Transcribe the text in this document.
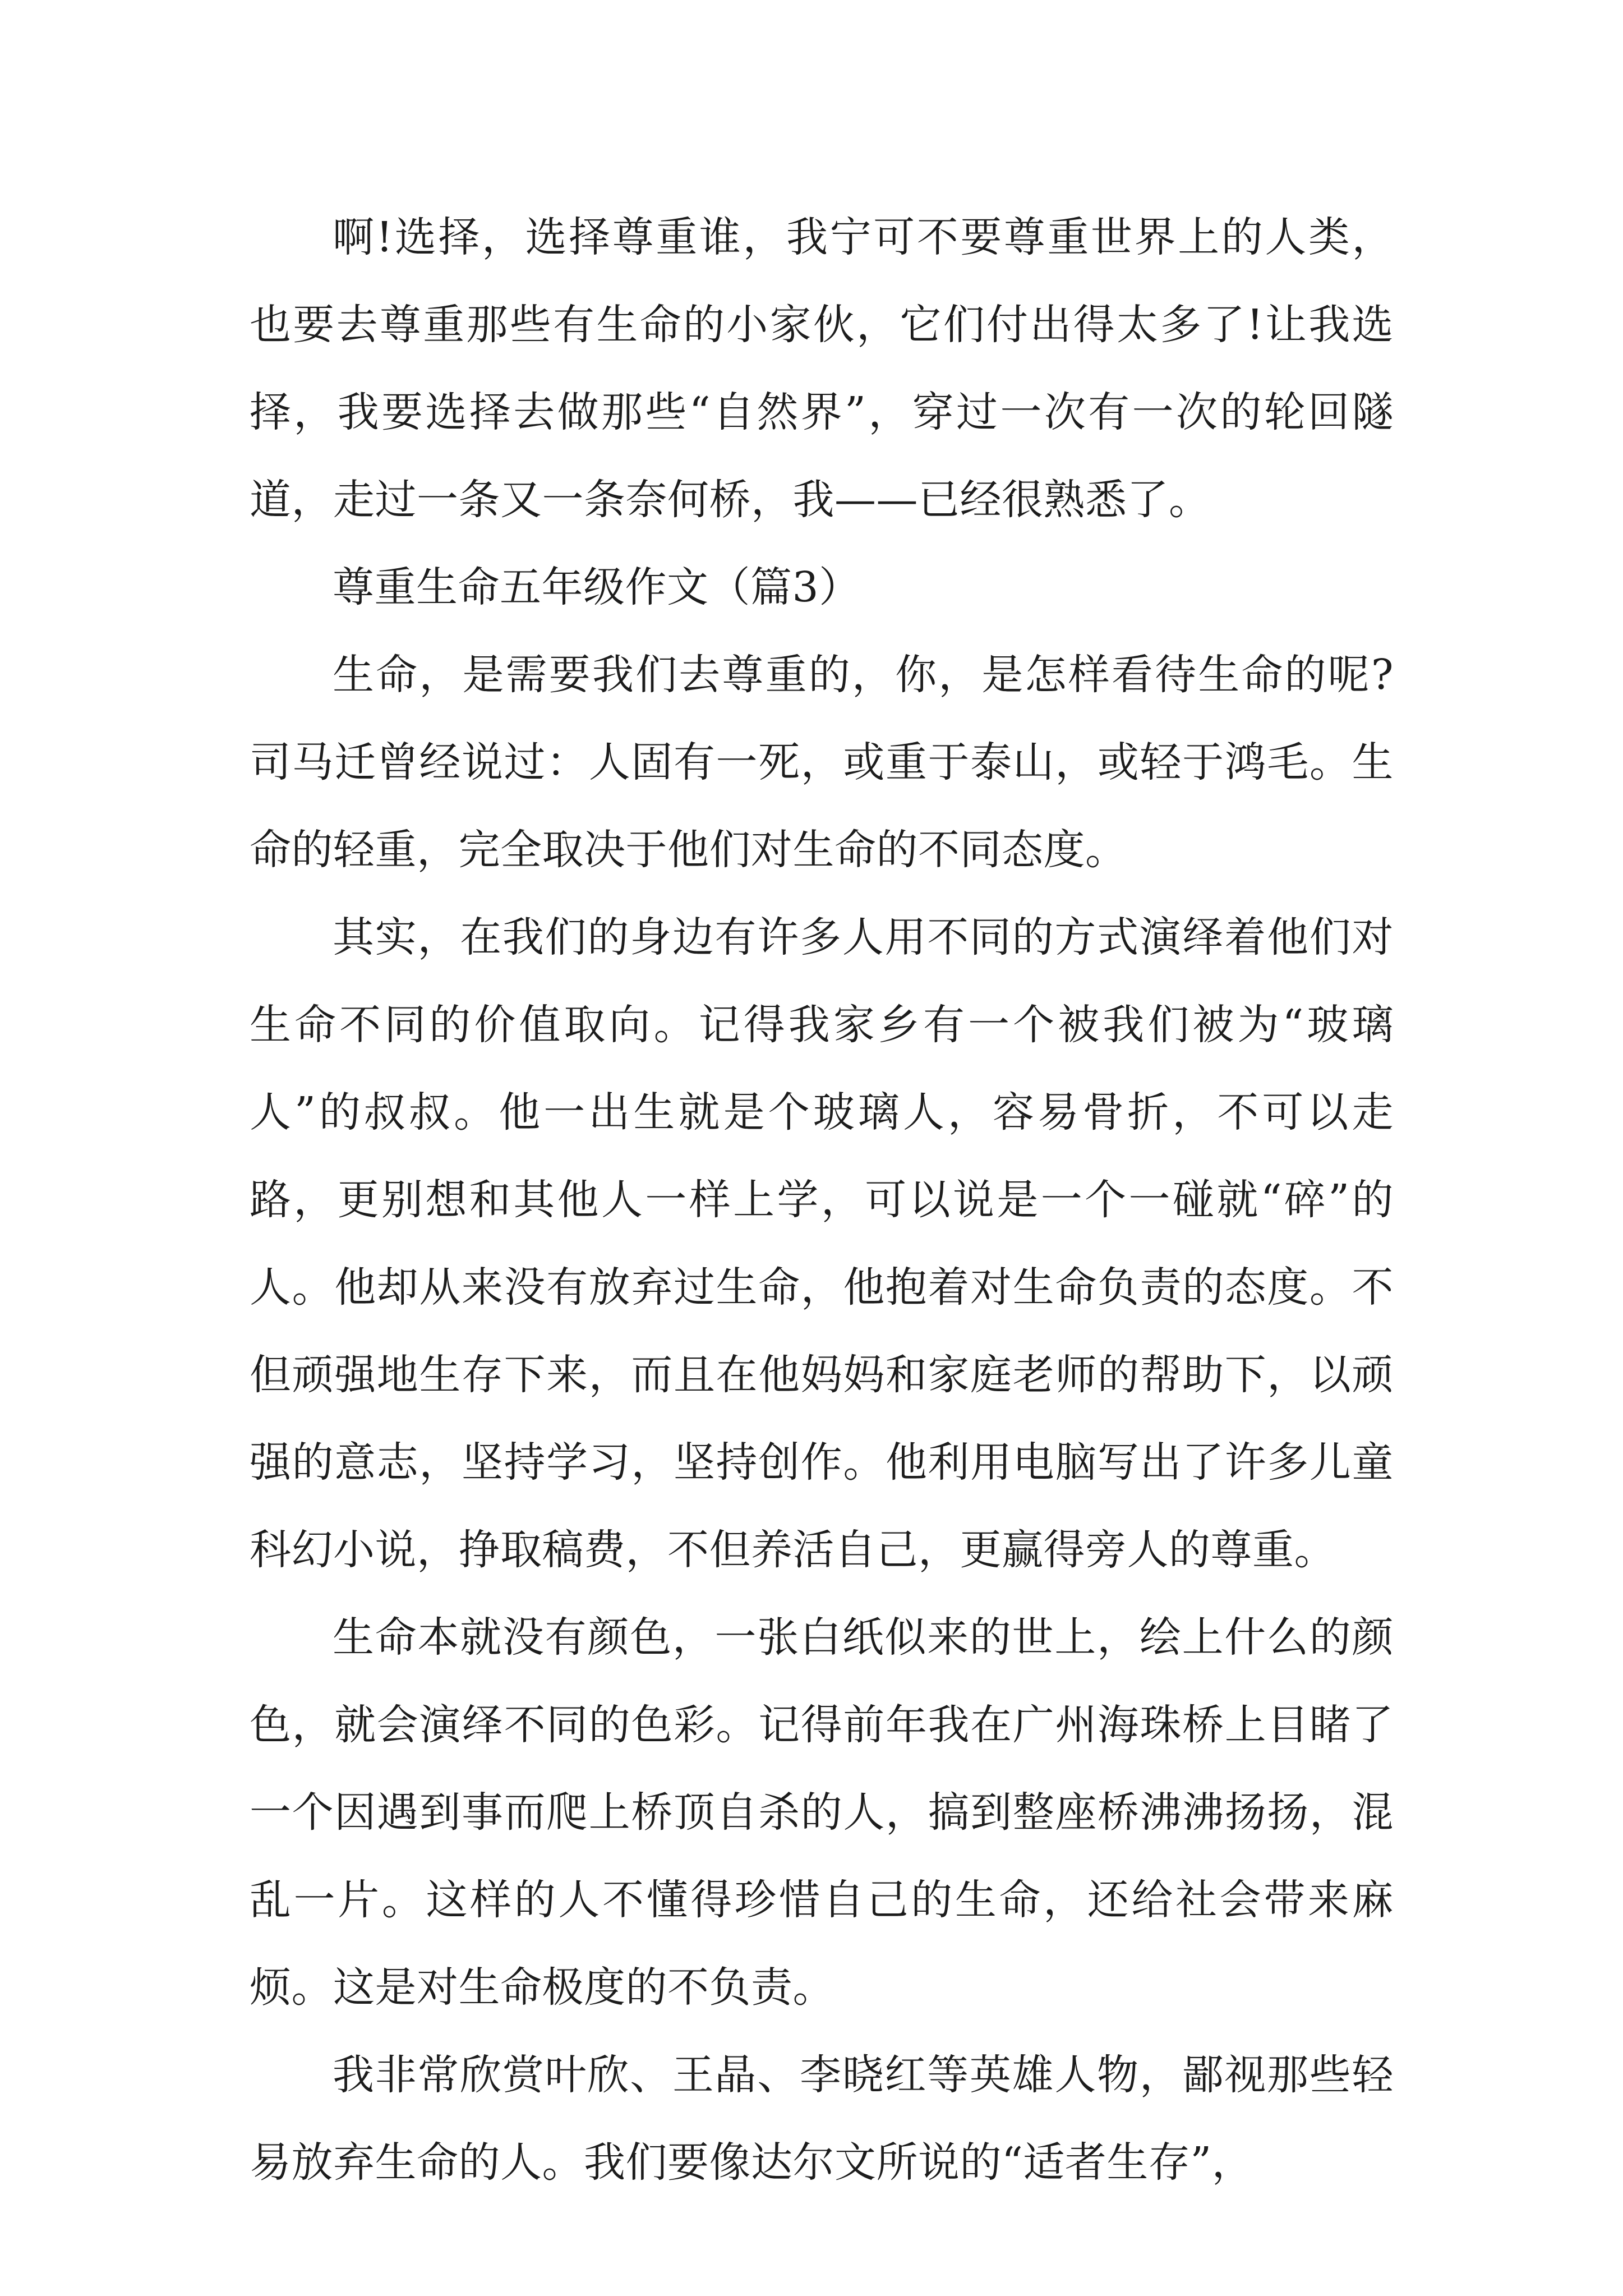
啊!选择，选择尊重谁，我宁可不要尊重世界上的人类，也要去尊重那些有生命的小家伙，它们付出得太多了!让我选择，我要选择去做那些“自然界”，穿过一次有一次的轮回隧道，走过一条又一条奈何桥，我——已经很熟悉了。

尊重生命五年级作文（篇3）

生命，是需要我们去尊重的，你，是怎样看待生命的呢?司马迁曾经说过：人固有一死，或重于泰山，或轻于鸿毛。生命的轻重，完全取决于他们对生命的不同态度。

其实，在我们的身边有许多人用不同的方式演绎着他们对生命不同的价值取向。记得我家乡有一个被我们被为“玻璃人”的叔叔。他一出生就是个玻璃人，容易骨折，不可以走路，更别想和其他人一样上学，可以说是一个一碰就“碎”的人。他却从来没有放弃过生命，他抱着对生命负责的态度。不但顽强地生存下来，而且在他妈妈和家庭老师的帮助下，以顽强的意志，坚持学习，坚持创作。他利用电脑写出了许多儿童科幻小说，挣取稿费，不但养活自己，更赢得旁人的尊重。

生命本就没有颜色，一张白纸似来的世上，绘上什么的颜色，就会演绎不同的色彩。记得前年我在广州海珠桥上目睹了一个因遇到事而爬上桥顶自杀的人，搞到整座桥沸沸扬扬，混乱一片。这样的人不懂得珍惜自己的生命，还给社会带来麻烦。这是对生命极度的不负责。

我非常欣赏叶欣、王晶、李晓红等英雄人物，鄙视那些轻易放弃生命的人。我们要像达尔文所说的“适者生存”，
